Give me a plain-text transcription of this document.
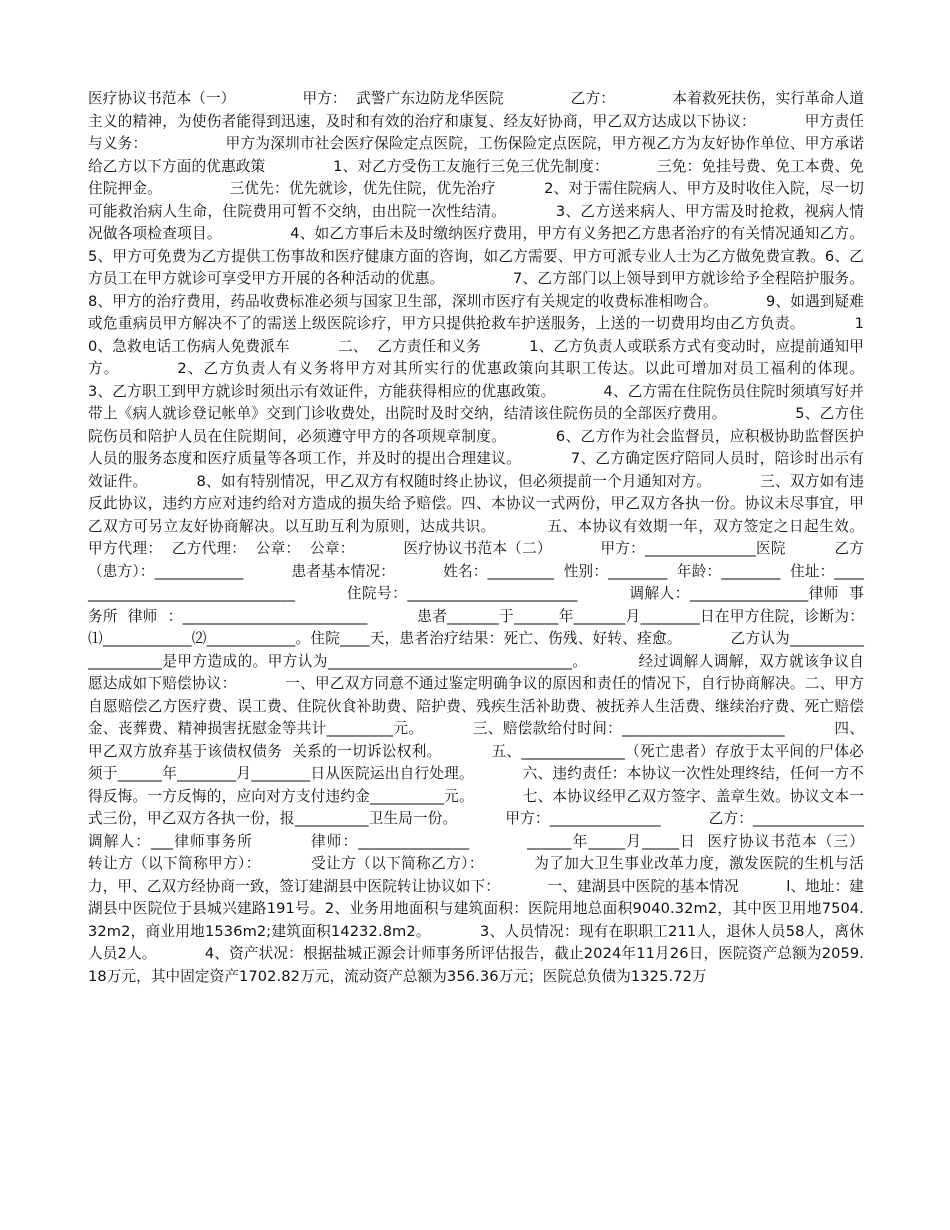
医疗协议书范本（一）              甲方：  武警广东边防龙华医院              乙方：            本着救死扶伤，实行革命人道主义的精神，为使伤者能得到迅速，及时和有效的治疗和康复、经友好协商，甲乙双方达成以下协议：          甲方责任与义务：                甲方为深圳市社会医疗保险定点医院，工伤保险定点医院，甲方视乙方为友好协作单位、甲方承诺  给乙方以下方面的优惠政策              1、对乙方受伤工友施行三免三优先制度：          三免：免挂号费、免工本费、免住院押金。              三优先：优先就诊，优先住院，优先治疗          2、对于需住院病人、甲方及时收住入院，尽一切可能救治病人生命，住院费用可暂不交纳，由出院一次性结清。          3、乙方送来病人、甲方需及时抢救，视病人情况做各项检查项目。              4、如乙方事后未及时缴纳医疗费用，甲方有义务把乙方患者治疗的有关情况通知乙方。          5、甲方可免费为乙方提供工伤事故和医疗健康方面的咨询，如乙方需要、甲方可派专业人士为乙方做免费宣教。6、乙方员工在甲方就诊可享受甲方开展的各种活动的优惠。              7、乙方部门以上领导到甲方就诊给予全程陪护服务。          8、甲方的治疗费用，药品收费标准必须与国家卫生部，深圳市医疗有关规定的收费标准相吻合。          9、如遇到疑难或危重病员甲方解决不了的需送上级医院诊疗，甲方只提供抢救车护送服务，上送的一切费用均由乙方负责。          10、急救电话工伤病人免费派车          二、  乙方责任和义务          1、乙方负责人或联系方式有变动时，应提前通知甲方。          2、乙方负责人有义务将甲方对其所实行的优惠政策向其职工传达。以此可增加对员工福利的体现。          3、乙方职工到甲方就诊时须出示有效证件，方能获得相应的优惠政策。          4、乙方需在住院伤员住院时须填写好并带上《病人就诊登记帐单》交到门诊收费处，出院时及时交纳，结清该住院伤员的全部医疗费用。              5、乙方住院伤员和陪护人员在住院期间，必须遵守甲方的各项规章制度。          6、乙方作为社会监督员，应积极协助监督医护人员的服务态度和医疗质量等各项工作，并及时的提出合理建议。          7、乙方确定医疗陪同人员时，陪诊时出示有效证件。          8、如有特别情况，甲乙双方有权随时终止协议，但必须提前一个月通知对方。          三、双方如有违反此协议，违约方应对违约给对方造成的损失给予赔偿。四、本协议一式两份，甲乙双方各执一份。协议未尽事宜，甲乙双方可另立友好协商解决。以互助互利为原则，达成共识。          五、本协议有效期一年，双方签定之日起生效。              甲方代理：  乙方代理：  公章：  公章：          医疗协议书范本（二）          甲方：_______________医院          乙方（患方）：____________          患者基本情况：          姓名：_________  性别：________  年龄：________  住址：________________________________          住院号：_______________________          调解人：________________律师  事务所  律师  ：_________________________          患者_______于______年_______月________日在甲方住院，诊断为：⑴____________⑵____________。住院____天，患者治疗结果：死亡、伤残、好转、痊愈。          乙方认为____________________是甲方造成的。甲方认为_________________________________。          经过调解人调解，双方就该争议自愿达成如下赔偿协议：          一、甲乙双方同意不通过鉴定明确争议的原因和责任的情况下，自行协商解决。二、甲方自愿赔偿乙方医疗费、误工费、住院伙食补助费、陪护费、残疾生活补助费、被抚养人生活费、继续治疗费、死亡赔偿金、丧葬费、精神损害抚慰金等共计_________元。          三、赔偿款给付时间：______________________          四、甲乙双方放弃基于该债权债务  关系的一切诉讼权利。          五、______________（死亡患者）存放于太平间的尸体必须于______年________月________日从医院运出自行处理。          六、违约责任：本协议一次性处理终结，任何一方不得反悔。一方反悔的，应向对方支付违约金__________元。          七、本协议经甲乙双方签字、盖章生效。协议文本一式三份，甲乙双方各执一份，报__________卫生局一份。          甲方：_______________          乙方：_______________  调解人：___律师事务所          律师：_______________          ______年_____月_____日  医疗协议书范本（三）          转让方（以下简称甲方）：          受让方（以下简称乙方）：          为了加大卫生事业改革力度，激发医院的生机与活力，甲、乙双方经协商一致，签订建湖县中医院转让协议如下：          一、建湖县中医院的基本情况          l、地址：建湖县中医院位于县城兴建路191号。2、业务用地面积与建筑面积：医院用地总面积9040.32m2，其中医卫用地7504.32m2，商业用地1536m2;建筑面积14232.8m2。          3、人员情况：现有在职职工211人，退休人员58人，离休人员2人。          4、资产状况：根据盐城正源会计师事务所评估报告，截止2024年11月26日，医院资产总额为2059.18万元，其中固定资产1702.82万元，流动资产总额为356.36万元；医院总负债为1325.72万
